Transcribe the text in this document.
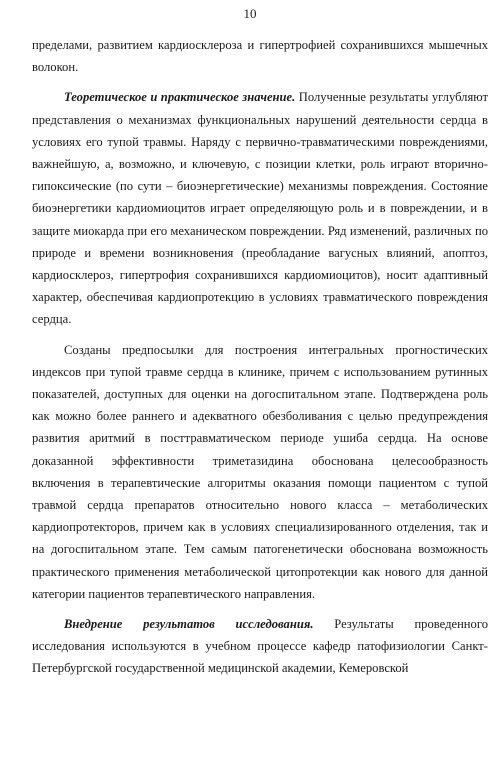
10

пределами, развитием кардиосклероза и гипертрофией сохранившихся мышечных волокон.

Теоретическое и практическое значение. Полученные результаты углубляют представления о механизмах функциональных нарушений деятельности сердца в условиях его тупой травмы. Наряду с первично-травматическими повреждениями, важнейшую, а, возможно, и ключевую, с позиции клетки, роль играют вторично-гипоксические (по сути – биоэнергетические) механизмы повреждения. Состояние биоэнергетики кардиомиоцитов играет определяющую роль и в повреждении, и в защите миокарда при его механическом повреждении. Ряд изменений, различных по природе и времени возникновения (преобладание вагусных влияний, апоптоз, кардиосклероз, гипертрофия сохранившихся кардиомиоцитов), носит адаптивный характер, обеспечивая кардиопротекцию в условиях травматического повреждения сердца.

Созданы предпосылки для построения интегральных прогностических индексов при тупой травме сердца в клинике, причем с использованием рутинных показателей, доступных для оценки на догоспитальном этапе. Подтверждена роль как можно более раннего и адекватного обезболивания с целью предупреждения развития аритмий в посттравматическом периоде ушиба сердца. На основе доказанной эффективности триметазидина обоснована целесообразность включения в терапевтические алгоритмы оказания помощи пациентом с тупой травмой сердца препаратов относительно нового класса – метаболических кардиопротекторов, причем как в условиях специализированного отделения, так и на догоспитальном этапе. Тем самым патогенетически обоснована возможность практического применения метаболической цитопротекции как нового для данной категории пациентов терапевтического направления.

Внедрение результатов исследования. Результаты проведенного исследования используются в учебном процессе кафедр патофизиологии Санкт-Петербургской государственной медицинской академии, Кемеровской
